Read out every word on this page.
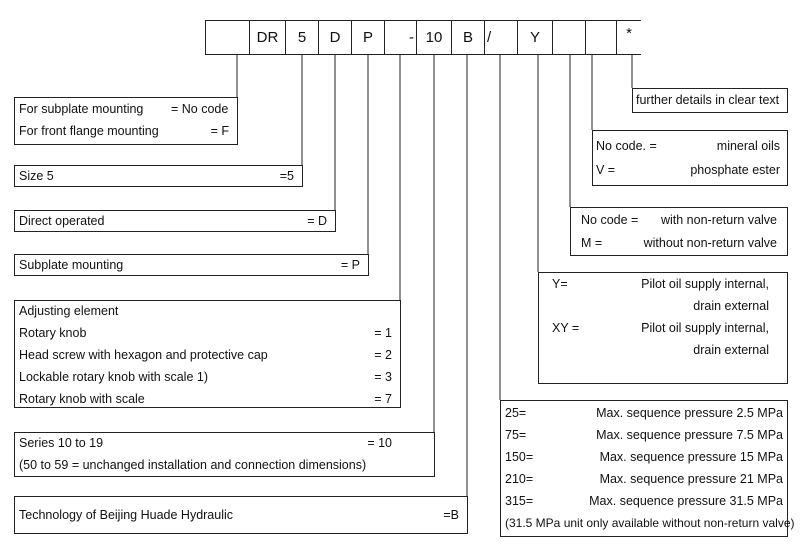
DR	5	D	P	- 10	B /	Y	*
For subplate mounting = No code
For front flange mounting	= F
Size 5	=5
Direct operated	= D
Subplate mounting	= P
Adjusting element
Rotary knob	= 1
Head screw with hexagon and protective cap	= 2
Lockable rotary knob with scale 1)	= 3
Rotary knob with scale	= 7
Series 10 to 19	= 10
(50 to 59 = unchanged installation and connection dimensions)
Technology of Beijing Huade Hydraulic	=B
further details in clear text
No code. =	mineral oils
V =	phosphate ester
No code = with non-return valve
M =	without non-return valve
Y=	Pilot oil supply internal,
drain external
XY =	Pilot oil supply internal,
drain external
25=	Max. sequence pressure 2.5 MPa
75=	Max. sequence pressure 7.5 MPa
150=	Max. sequence pressure 15 MPa
210=	Max. sequence pressure 21 MPa
315=	Max. sequence pressure 31.5 MPa
(31.5 MPa unit only available without non-return valve)
